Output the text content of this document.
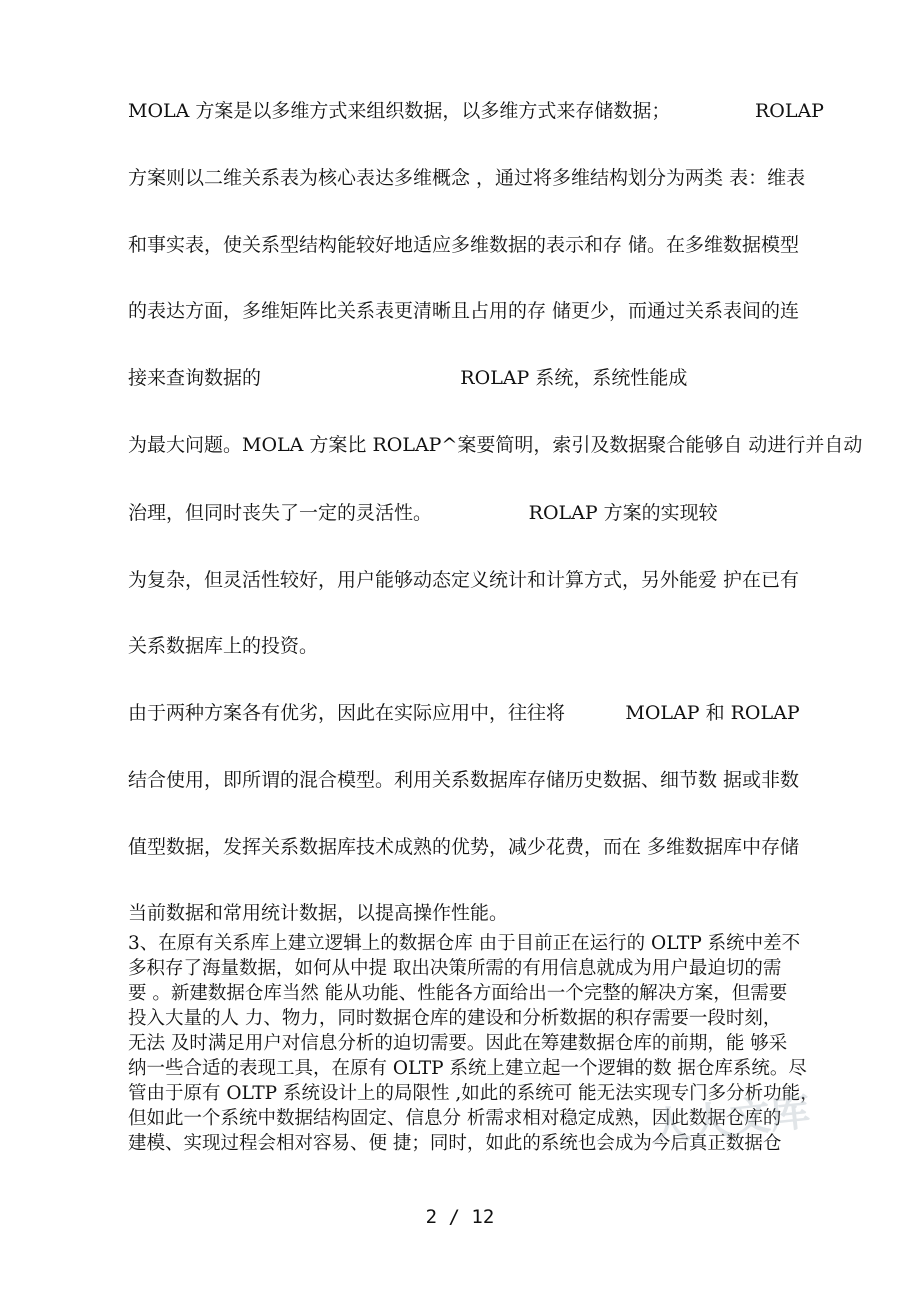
MOLA 方案是以多维方式来组织数据，以多维方式来存储数据；              ROLAP
方案则以二维关系表为核心表达多维概念 ，通过将多维结构划分为两类 表：维表
和事实表，使关系型结构能较好地适应多维数据的表示和存 储。在多维数据模型
的表达方面，多维矩阵比关系表更清晰且占用的存 储更少，而通过关系表间的连
接来查询数据的                                 ROLAP 系统，系统性能成
为最大问题。MOLA 方案比 ROLAP^案要简明，索引及数据聚合能够自 动进行并自动
治理，但同时丧失了一定的灵活性。                ROLAP 方案的实现较
为复杂，但灵活性较好，用户能够动态定义统计和计算方式，另外能爱 护在已有
关系数据库上的投资。
由于两种方案各有优劣，因此在实际应用中，往往将          MOLAP 和 ROLAP
结合使用，即所谓的混合模型。利用关系数据库存储历史数据、细节数 据或非数
值型数据，发挥关系数据库技术成熟的优势，减少花费，而在 多维数据库中存储
当前数据和常用统计数据，以提高操作性能。
3、在原有关系库上建立逻辑上的数据仓库 由于目前正在运行的 OLTP 系统中差不
多积存了海量数据，如何从中提 取出决策所需的有用信息就成为用户最迫切的需
要 。新建数据仓库当然 能从功能、性能各方面给出一个完整的解决方案，但需要
投入大量的人 力、物力，同时数据仓库的建设和分析数据的积存需要一段时刻，
无法 及时满足用户对信息分析的迫切需要。因此在筹建数据仓库的前期，能 够采
纳一些合适的表现工具，在原有 OLTP 系统上建立起一个逻辑的数 据仓库系统。尽
管由于原有 OLTP 系统设计上的局限性 ,如此的系统可 能无法实现专门多分析功能，
但如此一个系统中数据结构固定、信息分 析需求相对稳定成熟，因此数据仓库的
建模、实现过程会相对容易、便 捷；同时，如此的系统也会成为今后真正数据仓
人人文库
2 / 12
